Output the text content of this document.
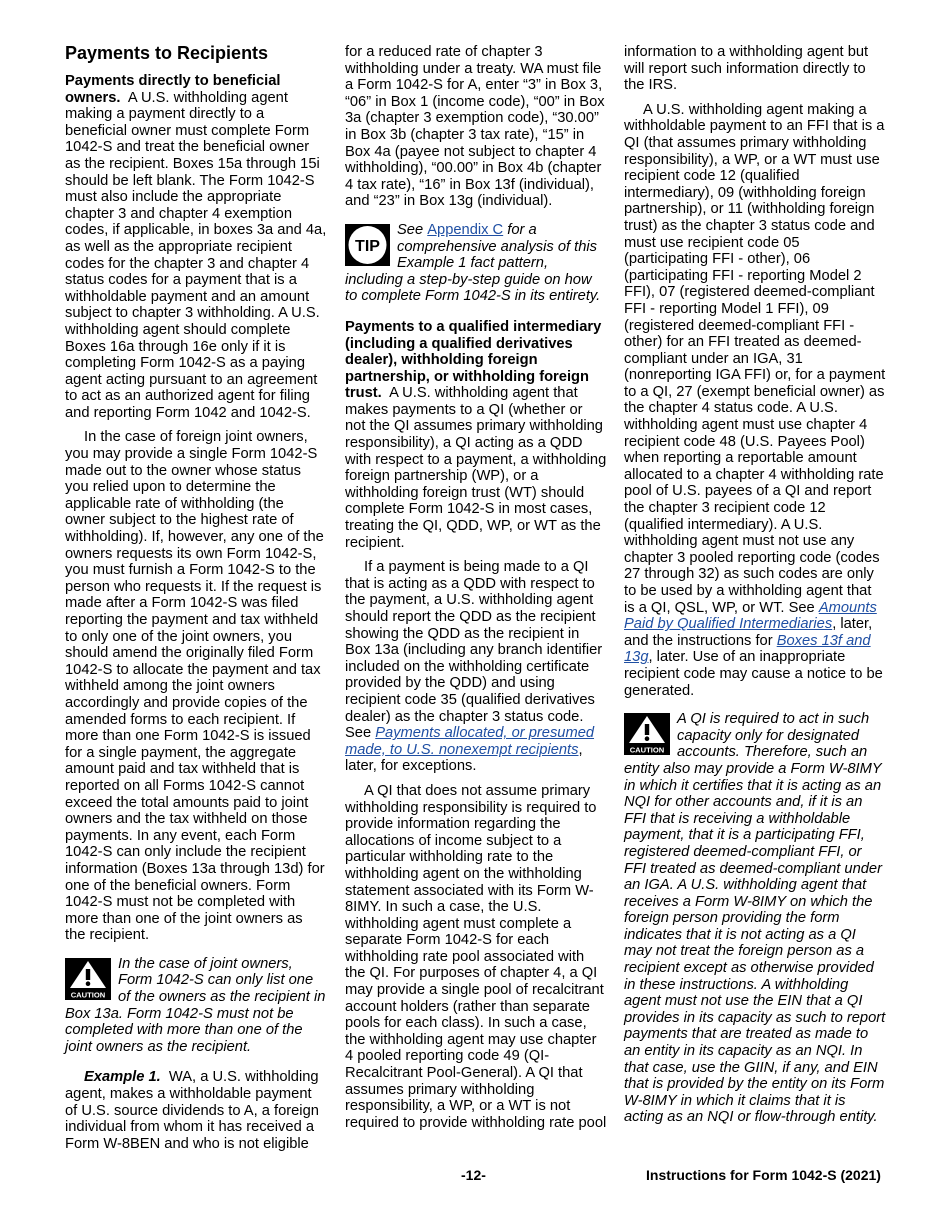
Payments to Recipients

Payments directly to beneficial owners. A U.S. withholding agent making a payment directly to a beneficial owner must complete Form 1042-S and treat the beneficial owner as the recipient. Boxes 15a through 15i should be left blank. The Form 1042-S must also include the appropriate chapter 3 and chapter 4 exemption codes, if applicable, in boxes 3a and 4a, as well as the appropriate recipient codes for the chapter 3 and chapter 4 status codes for a payment that is a withholdable payment and an amount subject to chapter 3 withholding. A U.S. withholding agent should complete Boxes 16a through 16e only if it is completing Form 1042-S as a paying agent acting pursuant to an agreement to act as an authorized agent for filing and reporting Form 1042 and 1042-S.

In the case of foreign joint owners, you may provide a single Form 1042-S made out to the owner whose status you relied upon to determine the applicable rate of withholding (the owner subject to the highest rate of withholding). If, however, any one of the owners requests its own Form 1042-S, you must furnish a Form 1042-S to the person who requests it. If the request is made after a Form 1042-S was filed reporting the payment and tax withheld to only one of the joint owners, you should amend the originally filed Form 1042-S to allocate the payment and tax withheld among the joint owners accordingly and provide copies of the amended forms to each recipient. If more than one Form 1042-S is issued for a single payment, the aggregate amount paid and tax withheld that is reported on all Forms 1042-S cannot exceed the total amounts paid to joint owners and the tax withheld on those payments. In any event, each Form 1042-S can only include the recipient information (Boxes 13a through 13d) for one of the beneficial owners. Form 1042-S must not be completed with more than one of the joint owners as the recipient.

CAUTION
In the case of joint owners, Form 1042-S can only list one of the owners as the recipient in Box 13a. Form 1042-S must not be completed with more than one of the joint owners as the recipient.

Example 1. WA, a U.S. withholding agent, makes a withholdable payment of U.S. source dividends to A, a foreign individual from whom it has received a Form W-8BEN and who is not eligible

for a reduced rate of chapter 3 withholding under a treaty. WA must file a Form 1042-S for A, enter “3” in Box 3, “06” in Box 1 (income code), “00” in Box 3a (chapter 3 exemption code), “30.00” in Box 3b (chapter 3 tax rate), “15” in Box 4a (payee not subject to chapter 4 withholding), “00.00” in Box 4b (chapter 4 tax rate), “16” in Box 13f (individual), and “23” in Box 13g (individual).

TIP
See Appendix C for a comprehensive analysis of this Example 1 fact pattern, including a step-by-step guide on how to complete Form 1042-S in its entirety.

Payments to a qualified intermediary (including a qualified derivatives dealer), withholding foreign partnership, or withholding foreign trust. A U.S. withholding agent that makes payments to a QI (whether or not the QI assumes primary withholding responsibility), a QI acting as a QDD with respect to a payment, a withholding foreign partnership (WP), or a withholding foreign trust (WT) should complete Form 1042-S in most cases, treating the QI, QDD, WP, or WT as the recipient.

If a payment is being made to a QI that is acting as a QDD with respect to the payment, a U.S. withholding agent should report the QDD as the recipient showing the QDD as the recipient in Box 13a (including any branch identifier included on the withholding certificate provided by the QDD) and using recipient code 35 (qualified derivatives dealer) as the chapter 3 status code. See Payments allocated, or presumed made, to U.S. nonexempt recipients, later, for exceptions.

A QI that does not assume primary withholding responsibility is required to provide information regarding the allocations of income subject to a particular withholding rate to the withholding agent on the withholding statement associated with its Form W-8IMY. In such a case, the U.S. withholding agent must complete a separate Form 1042-S for each withholding rate pool associated with the QI. For purposes of chapter 4, a QI may provide a single pool of recalcitrant account holders (rather than separate pools for each class). In such a case, the withholding agent may use chapter 4 pooled reporting code 49 (QI-Recalcitrant Pool-General). A QI that assumes primary withholding responsibility, a WP, or a WT is not required to provide withholding rate pool

information to a withholding agent but will report such information directly to the IRS.

A U.S. withholding agent making a withholdable payment to an FFI that is a QI (that assumes primary withholding responsibility), a WP, or a WT must use recipient code 12 (qualified intermediary), 09 (withholding foreign partnership), or 11 (withholding foreign trust) as the chapter 3 status code and must use recipient code 05 (participating FFI - other), 06 (participating FFI - reporting Model 2 FFI), 07 (registered deemed-compliant FFI - reporting Model 1 FFI), 09 (registered deemed-compliant FFI - other) for an FFI treated as deemed-compliant under an IGA, 31 (nonreporting IGA FFI) or, for a payment to a QI, 27 (exempt beneficial owner) as the chapter 4 status code. A U.S. withholding agent must use chapter 4 recipient code 48 (U.S. Payees Pool) when reporting a reportable amount allocated to a chapter 4 withholding rate pool of U.S. payees of a QI and report the chapter 3 recipient code 12 (qualified intermediary). A U.S. withholding agent must not use any chapter 3 pooled reporting code (codes 27 through 32) as such codes are only to be used by a withholding agent that is a QI, QSL, WP, or WT. See Amounts Paid by Qualified Intermediaries, later, and the instructions for Boxes 13f and 13g, later. Use of an inappropriate recipient code may cause a notice to be generated.

CAUTION
A QI is required to act in such capacity only for designated accounts. Therefore, such an entity also may provide a Form W-8IMY in which it certifies that it is acting as an NQI for other accounts and, if it is an FFI that is receiving a withholdable payment, that it is a participating FFI, registered deemed-compliant FFI, or FFI treated as deemed-compliant under an IGA. A U.S. withholding agent that receives a Form W-8IMY on which the foreign person providing the form indicates that it is not acting as a QI may not treat the foreign person as a recipient except as otherwise provided in these instructions. A withholding agent must not use the EIN that a QI provides in its capacity as such to report payments that are treated as made to an entity in its capacity as an NQI. In that case, use the GIIN, if any, and EIN that is provided by the entity on its Form W-8IMY in which it claims that it is acting as an NQI or flow-through entity.
-12-	Instructions for Form 1042-S (2021)
